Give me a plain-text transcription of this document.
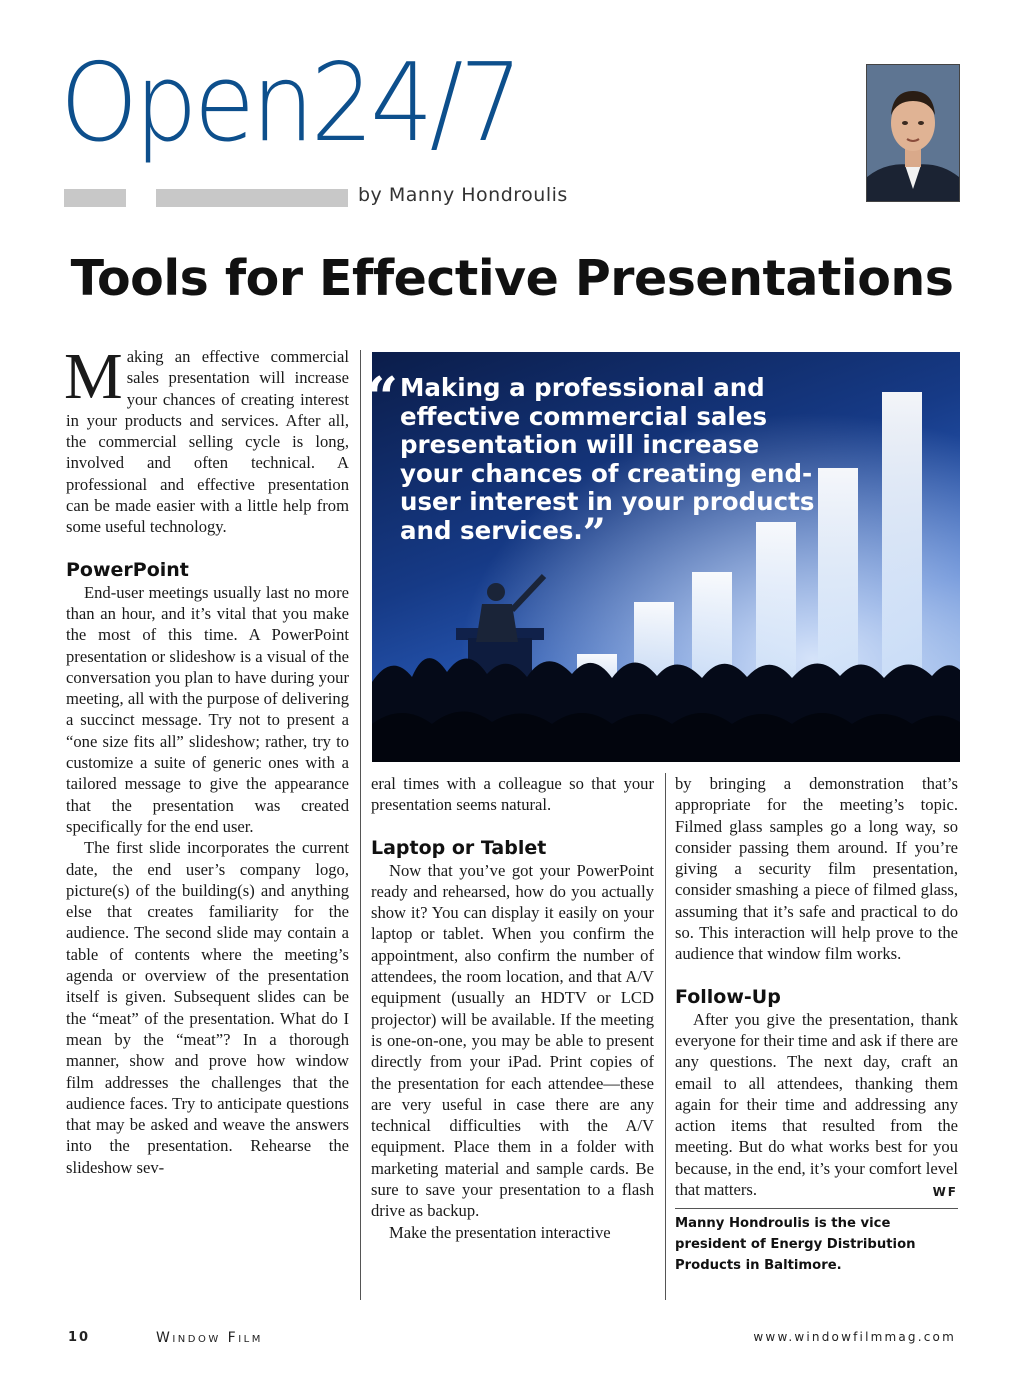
Open24/7
by Manny Hondroulis
Tools for Effective Presentations

Making an effective commercial sales presentation will increase your chances of creating interest in your products and services. After all, the commercial selling cycle is long, involved and often technical. A professional and effective presentation can be made easier with a little help from some useful technology.

PowerPoint

End-user meetings usually last no more than an hour, and it’s vital that you make the most of this time. A PowerPoint presentation or slideshow is a visual of the conversation you plan to have during your meeting, all with the purpose of delivering a succinct message. Try not to present a “one size fits all” slideshow; rather, try to customize a suite of generic ones with a tailored message to give the appearance that the presentation was created specifically for the end user.

The first slide incorporates the current date, the end user’s company logo, picture(s) of the building(s) and anything else that creates familiarity for the audience. The second slide may contain a table of contents where the meeting’s agenda or overview of the presentation itself is given. Subsequent slides can be the “meat” of the presentation. What do I mean by the “meat”? In a thorough manner, show and prove how window film addresses the challenges that the audience faces. Try to anticipate questions that may be asked and weave the answers into the presentation. Rehearse the slideshow sev-

“ Making a professional and effective commercial sales presentation will increase your chances of creating end-user interest in your products and services.”

eral times with a colleague so that your presentation seems natural.

Laptop or Tablet

Now that you’ve got your PowerPoint ready and rehearsed, how do you actually show it? You can display it easily on your laptop or tablet. When you confirm the appointment, also confirm the number of attendees, the room location, and that A/V equipment (usually an HDTV or LCD projector) will be available. If the meeting is one-on-one, you may be able to present directly from your iPad. Print copies of the presentation for each attendee—these are very useful in case there are any technical difficulties with the A/V equipment. Place them in a folder with marketing material and sample cards. Be sure to save your presentation to a flash drive as backup.

Make the presentation interactive

by bringing a demonstration that’s appropriate for the meeting’s topic. Filmed glass samples go a long way, so consider passing them around. If you’re giving a security film presentation, consider smashing a piece of filmed glass, assuming that it’s safe and practical to do so. This interaction will help prove to the audience that window film works.

Follow-Up

After you give the presentation, thank everyone for their time and ask if there are any questions. The next day, craft an email to all attendees, thanking them again for their time and addressing any action items that resulted from the meeting. But do what works best for you because, in the end, it’s your comfort level that matters.	WF

Manny Hondroulis is the vice president of Energy Distribution Products in Baltimore.
10	Window Film	www.windowfilmmag.com
